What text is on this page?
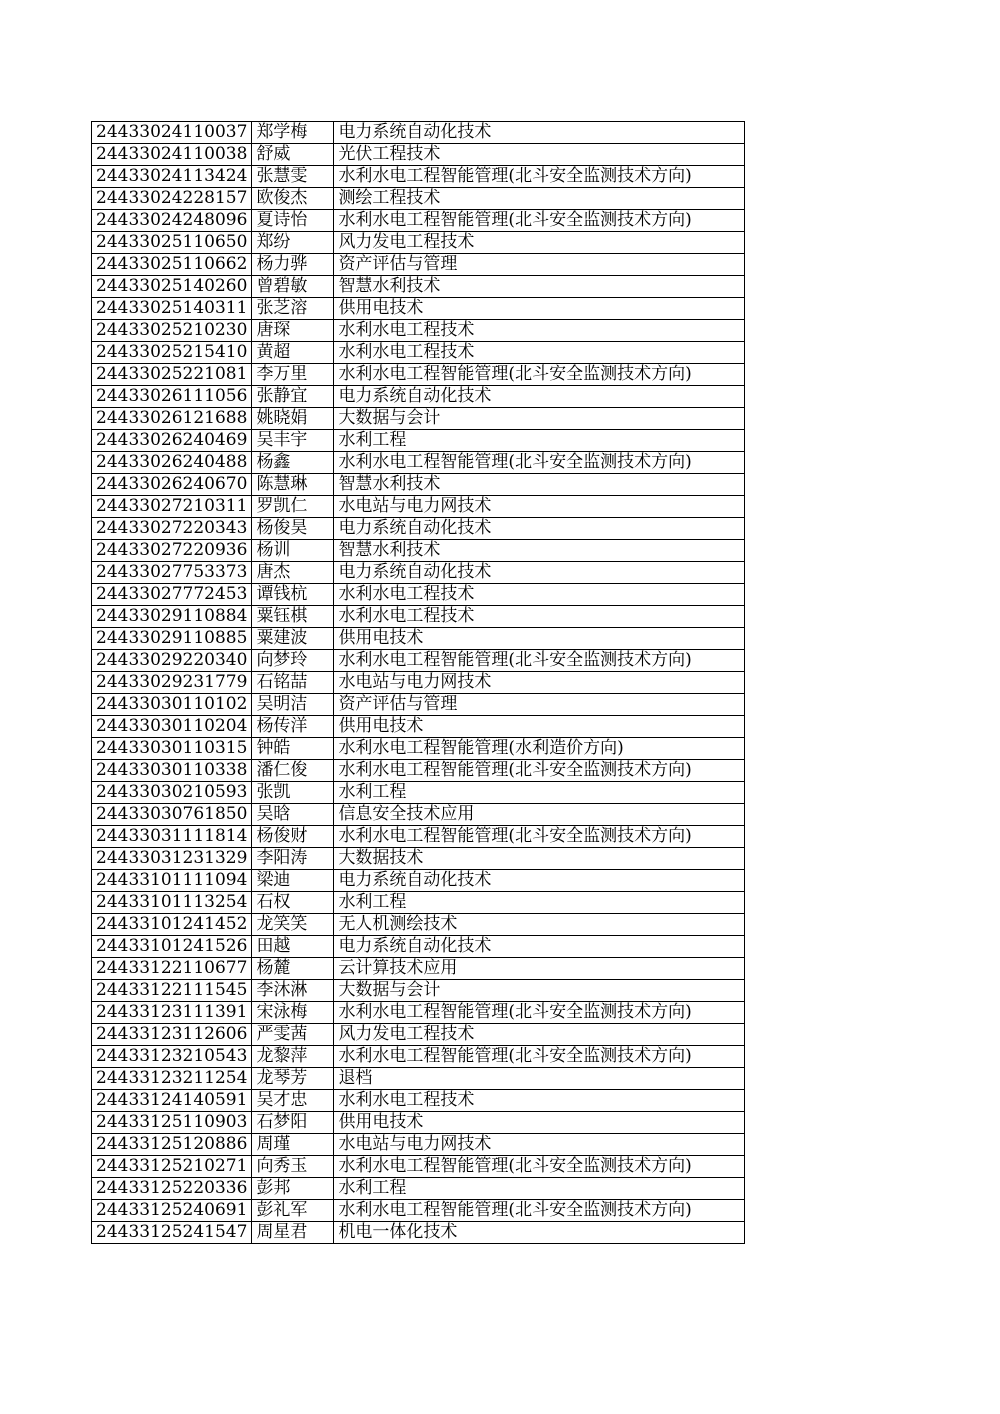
24433024110037	郑学梅	电力系统自动化技术
24433024110038	舒威	光伏工程技术
24433024113424	张慧雯	水利水电工程智能管理(北斗安全监测技术方向)
24433024228157	欧俊杰	测绘工程技术
24433024248096	夏诗怡	水利水电工程智能管理(北斗安全监测技术方向)
24433025110650	郑纷	风力发电工程技术
24433025110662	杨力骅	资产评估与管理
24433025140260	曾碧敏	智慧水利技术
24433025140311	张芝溶	供用电技术
24433025210230	唐琛	水利水电工程技术
24433025215410	黄超	水利水电工程技术
24433025221081	李万里	水利水电工程智能管理(北斗安全监测技术方向)
24433026111056	张静宜	电力系统自动化技术
24433026121688	姚晓娟	大数据与会计
24433026240469	吴丰宇	水利工程
24433026240488	杨鑫	水利水电工程智能管理(北斗安全监测技术方向)
24433026240670	陈慧琳	智慧水利技术
24433027210311	罗凯仁	水电站与电力网技术
24433027220343	杨俊昊	电力系统自动化技术
24433027220936	杨训	智慧水利技术
24433027753373	唐杰	电力系统自动化技术
24433027772453	谭钱杭	水利水电工程技术
24433029110884	粟钰棋	水利水电工程技术
24433029110885	粟建波	供用电技术
24433029220340	向梦玲	水利水电工程智能管理(北斗安全监测技术方向)
24433029231779	石铭喆	水电站与电力网技术
24433030110102	吴明洁	资产评估与管理
24433030110204	杨传洋	供用电技术
24433030110315	钟皓	水利水电工程智能管理(水利造价方向)
24433030110338	潘仁俊	水利水电工程智能管理(北斗安全监测技术方向)
24433030210593	张凯	水利工程
24433030761850	吴晗	信息安全技术应用
24433031111814	杨俊财	水利水电工程智能管理(北斗安全监测技术方向)
24433031231329	李阳涛	大数据技术
24433101111094	梁迪	电力系统自动化技术
24433101113254	石权	水利工程
24433101241452	龙笑笑	无人机测绘技术
24433101241526	田越	电力系统自动化技术
24433122110677	杨麓	云计算技术应用
24433122111545	李沐淋	大数据与会计
24433123111391	宋泳梅	水利水电工程智能管理(北斗安全监测技术方向)
24433123112606	严雯茜	风力发电工程技术
24433123210543	龙黎萍	水利水电工程智能管理(北斗安全监测技术方向)
24433123211254	龙琴芳	退档
24433124140591	吴才忠	水利水电工程技术
24433125110903	石梦阳	供用电技术
24433125120886	周瑾	水电站与电力网技术
24433125210271	向秀玉	水利水电工程智能管理(北斗安全监测技术方向)
24433125220336	彭邦	水利工程
24433125240691	彭礼军	水利水电工程智能管理(北斗安全监测技术方向)
24433125241547	周星君	机电一体化技术
